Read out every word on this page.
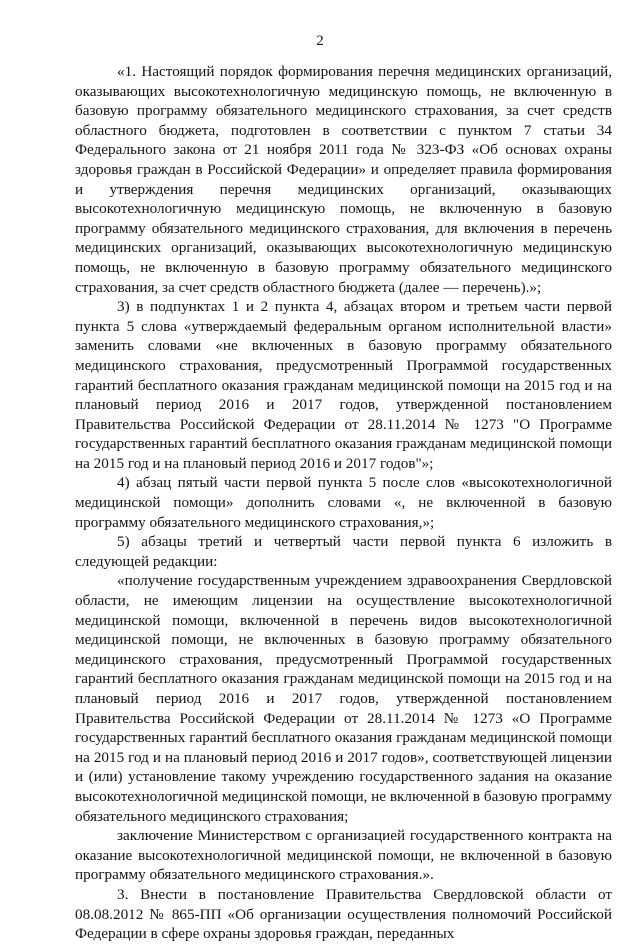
2

«1. Настоящий порядок формирования перечня медицинских организаций, оказывающих высокотехнологичную медицинскую помощь, не включенную в базовую программу обязательного медицинского страхования, за счет средств областного бюджета, подготовлен в соответствии с пунктом 7 статьи 34 Федерального закона от 21 ноября 2011 года № 323-ФЗ «Об основах охраны здоровья граждан в Российской Федерации» и определяет правила формирования и утверждения перечня медицинских организаций, оказывающих высокотехнологичную медицинскую помощь, не включенную в базовую программу обязательного медицинского страхования, для включения в перечень медицинских организаций, оказывающих высокотехнологичную медицинскую помощь, не включенную в базовую программу обязательного медицинского страхования, за счет средств областного бюджета (далее — перечень).»;

3) в подпунктах 1 и 2 пункта 4, абзацах втором и третьем части первой пункта 5 слова «утверждаемый федеральным органом исполнительной власти» заменить словами «не включенных в базовую программу обязательного медицинского страхования, предусмотренный Программой государственных гарантий бесплатного оказания гражданам медицинской помощи на 2015 год и на плановый период 2016 и 2017 годов, утвержденной постановлением Правительства Российской Федерации от 28.11.2014 № 1273 "О Программе государственных гарантий бесплатного оказания гражданам медицинской помощи на 2015 год и на плановый период 2016 и 2017 годов"»;

4) абзац пятый части первой пункта 5 после слов «высокотехнологичной медицинской помощи» дополнить словами «, не включенной в базовую программу обязательного медицинского страхования,»;

5) абзацы третий и четвертый части первой пункта 6 изложить в следующей редакции:

«получение государственным учреждением здравоохранения Свердловской области, не имеющим лицензии на осуществление высокотехнологичной медицинской помощи, включенной в перечень видов высокотехнологичной медицинской помощи, не включенных в базовую программу обязательного медицинского страхования, предусмотренный Программой государственных гарантий бесплатного оказания гражданам медицинской помощи на 2015 год и на плановый период 2016 и 2017 годов, утвержденной постановлением Правительства Российской Федерации от 28.11.2014 № 1273 «О Программе государственных гарантий бесплатного оказания гражданам медицинской помощи на 2015 год и на плановый период 2016 и 2017 годов», соответствующей лицензии и (или) установление такому учреждению государственного задания на оказание высокотехнологичной медицинской помощи, не включенной в базовую программу обязательного медицинского страхования;

заключение Министерством с организацией государственного контракта на оказание высокотехнологичной медицинской помощи, не включенной в базовую программу обязательного медицинского страхования.».

3. Внести в постановление Правительства Свердловской области от 08.08.2012 № 865-ПП «Об организации осуществления полномочий Российской Федерации в сфере охраны здоровья граждан, переданных
